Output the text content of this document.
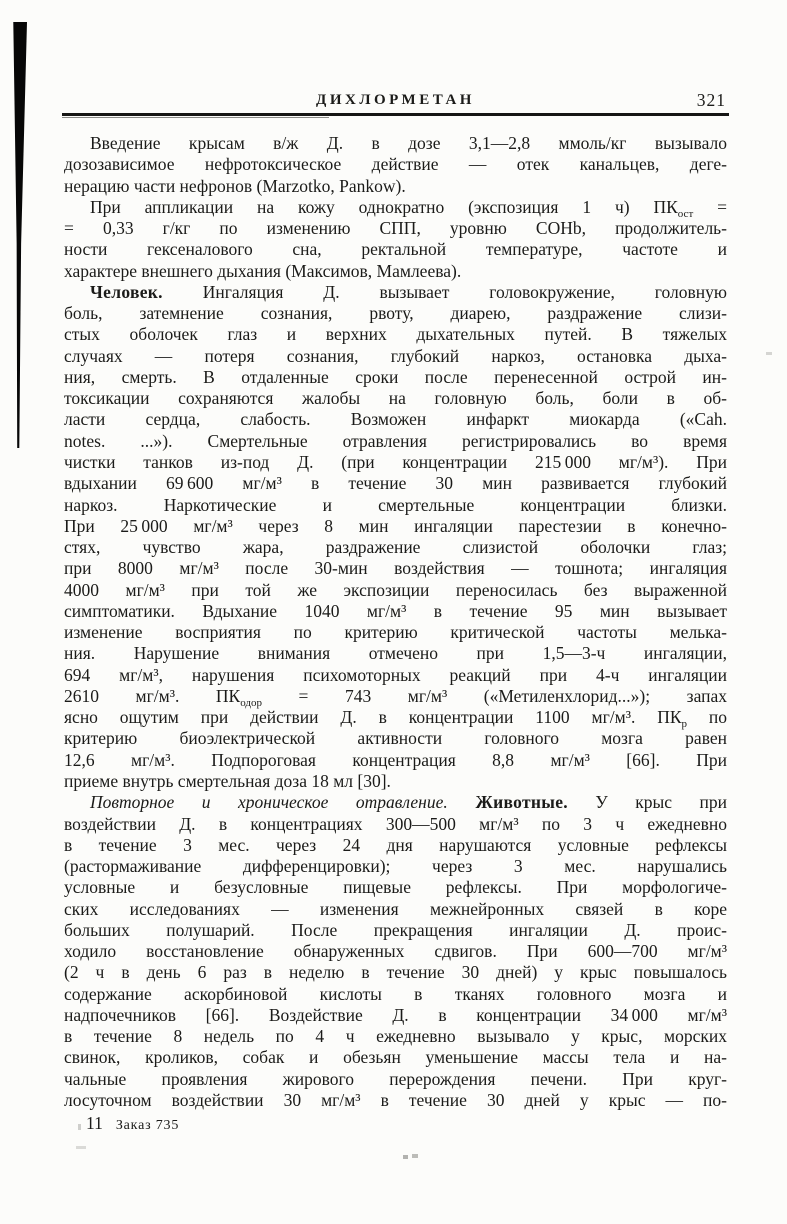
ДИХЛОРМЕТАН	321
Введение крысам в/ж Д. в дозе 3,1—2,8 ммоль/кг вызывало
дозозависимое нефротоксическое действие — отек канальцев, деге-
нерацию части нефронов (Marzotko, Pankow).
При аппликации на кожу однократно (экспозиция 1 ч) $ПК_{ост}$ =
= 0,33 г/кг по изменению СПП, уровню COHb, продолжитель-
ности гексеналового сна, ректальной температуре, частоте и
характере внешнего дыхания (Максимов, Мамлеева).
Человек. Ингаляция Д. вызывает головокружение, головную
боль, затемнение сознания, рвоту, диарею, раздражение слизи-
стых оболочек глаз и верхних дыхательных путей. В тяжелых
случаях — потеря сознания, глубокий наркоз, остановка дыха-
ния, смерть. В отдаленные сроки после перенесенной острой ин-
токсикации сохраняются жалобы на головную боль, боли в об-
ласти сердца, слабость. Возможен инфаркт миокарда («Cah.
notes. ...»). Смертельные отравления регистрировались во время
чистки танков из-под Д. (при концентрации 215 000 мг/м³). При
вдыхании 69 600 мг/м³ в течение 30 мин развивается глубокий
наркоз. Наркотические и смертельные концентрации близки.
При 25 000 мг/м³ через 8 мин ингаляции парестезии в конечно-
стях, чувство жара, раздражение слизистой оболочки глаз;
при 8000 мг/м³ после 30-мин воздействия — тошнота; ингаляция
4000 мг/м³ при той же экспозиции переносилась без выраженной
симптоматики. Вдыхание 1040 мг/м³ в течение 95 мин вызывает
изменение восприятия по критерию критической частоты мелька-
ния. Нарушение внимания отмечено при 1,5—3-ч ингаляции,
694 мг/м³, нарушения психомоторных реакций при 4-ч ингаляции
2610 мг/м³. $ПК_{одор} = 743$ мг/м³ («Метиленхлорид...»); запах
ясно ощутим при действии Д. в концентрации 1100 мг/м³. $ПК_р$ по
критерию биоэлектрической активности головного мозга равен
12,6 мг/м³. Подпороговая концентрация 8,8 мг/м³ [66]. При
приеме внутрь смертельная доза 18 мл [30].
Повторное и хроническое отравление. Животные. У крыс при
воздействии Д. в концентрациях 300—500 мг/м³ по 3 ч ежедневно
в течение 3 мес. через 24 дня нарушаются условные рефлексы
(растормаживание дифференцировки); через 3 мес. нарушались
условные и безусловные пищевые рефлексы. При морфологиче-
ских исследованиях — изменения межнейронных связей в коре
больших полушарий. После прекращения ингаляции Д. проис-
ходило восстановление обнаруженных сдвигов. При 600—700 мг/м³
(2 ч в день 6 раз в неделю в течение 30 дней) у крыс повышалось
содержание аскорбиновой кислоты в тканях головного мозга и
надпочечников [66]. Воздействие Д. в концентрации 34 000 мг/м³
в течение 8 недель по 4 ч ежедневно вызывало у крыс, морских
свинок, кроликов, собак и обезьян уменьшение массы тела и на-
чальные проявления жирового перерождения печени. При круг-
лосуточном воздействии 30 мг/м³ в течение 30 дней у крыс — по-
11 Заказ 735
